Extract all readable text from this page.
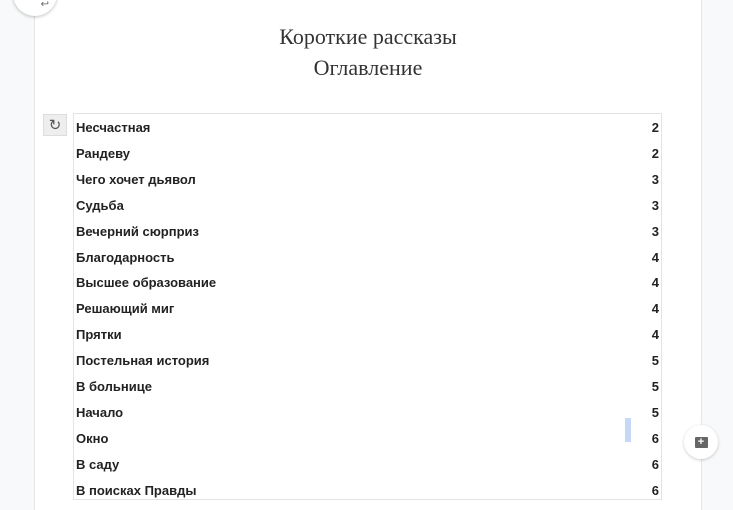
↩
Короткие рассказы
Оглавление
↻ Несчастная	2
Рандеву	2
Чего хочет дьявол	3
Судьба	3
Вечерний сюрприз	3
Благодарность	4
Высшее образование	4
Решающий миг	4
Прятки	4
Постельная история	5
В больнице	5
Начало	5
Окно	6
В саду	6
В поисках Правды	6
+
